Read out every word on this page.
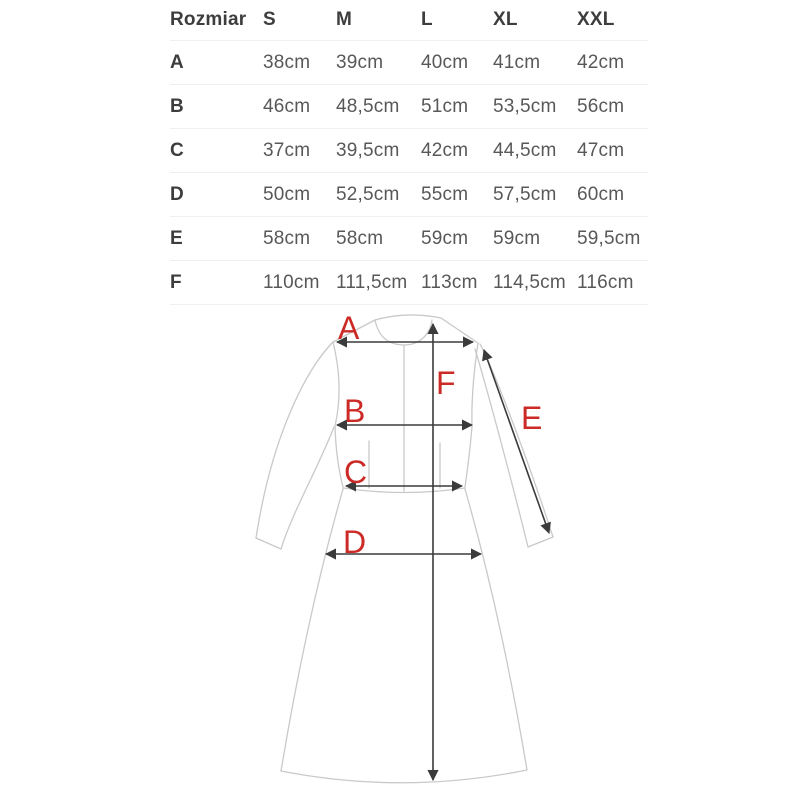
Rozmiar S	M	L	XL	XXL
A	38cm	39cm	40cm	41cm	42cm
B	46cm	48,5cm	51cm	53,5cm	56cm
C	37cm	39,5cm	42cm	44,5cm	47cm
D	50cm	52,5cm	55cm	57,5cm	60cm
E	58cm	58cm	59cm	59cm	59,5cm
F	110cm 111,5cm 113cm 114,5cm 116cm
A
B
C
D
E
F
